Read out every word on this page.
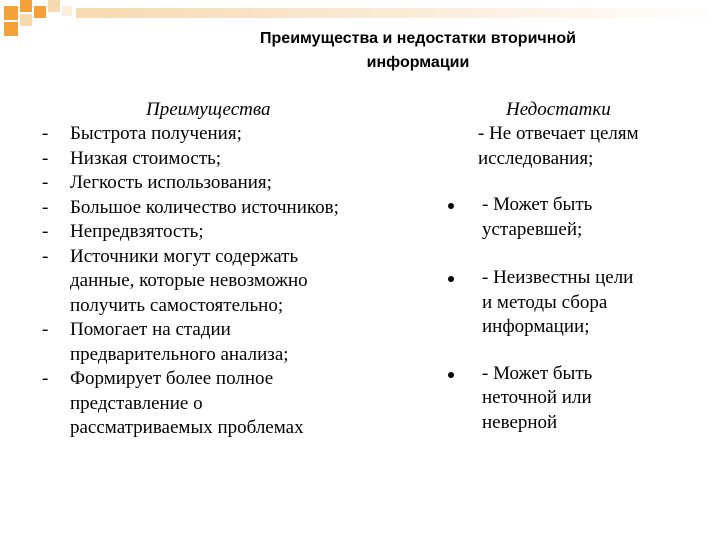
Преимущества и недостатки вторичной
информации
Преимущества
- Быстрота получения;
- Низкая стоимость;
- Легкость использования;
- Большое количество источников;
- Непредвзятость;
- Источники могут содержать
данные, которые невозможно
получить самостоятельно;
- Помогает на стадии
предварительного анализа;
- Формирует более полное
представление о
рассматриваемых проблемах
Недостатки
- Не отвечает целям
исследования;
- Может быть
устаревшей;
- Неизвестны цели
и методы сбора
информации;
- Может быть
неточной или
неверной
